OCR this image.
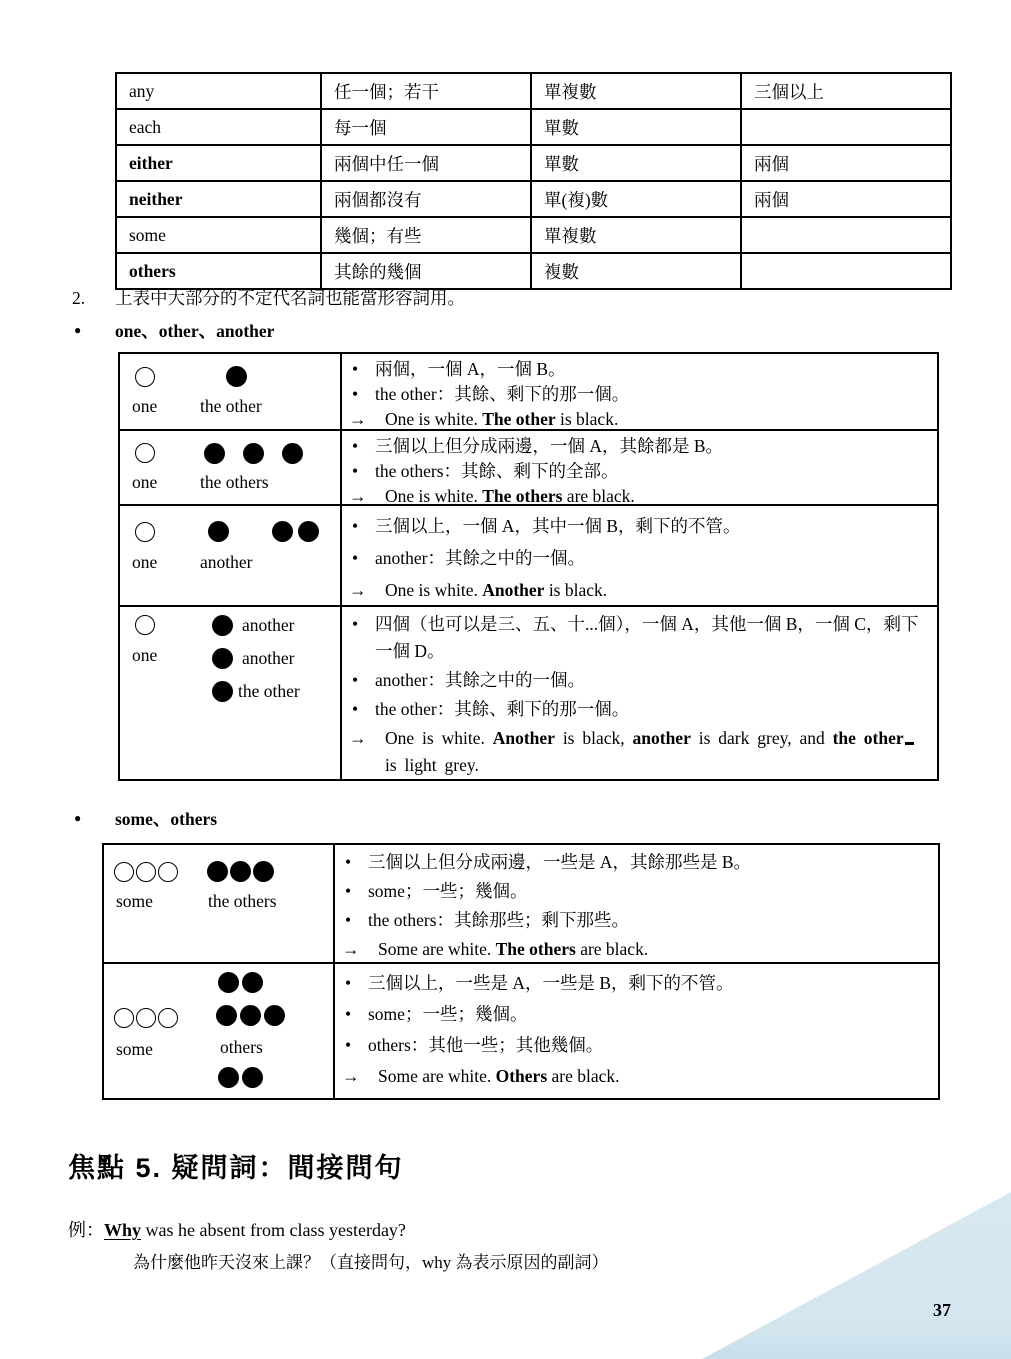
any	任一個；若干	單複數	三個以上
each	每一個	單數	
either	兩個中任一個	單數	兩個
neither	兩個都沒有	單(複)數	兩個
some	幾個；有些	單複數	
others	其餘的幾個	複數	
2.	上表中大部分的不定代名詞也能當形容詞用。
●	one、other、another
one the other
• 兩個，一個 A，一個 B。
• the other：其餘、剩下的那一個。
→	One is white. The other is black.
one the others
• 三個以上但分成兩邊，一個 A，其餘都是 B。
• the others：其餘、剩下的全部。
→	One is white. The others are black.
one another
• 三個以上，一個 A，其中一個 B，剩下的不管。
• another：其餘之中的一個。
→	One is white. Another is black.
one
another
another
the other
• 四個（也可以是三、五、十...個），一個 A，其他一個 B，一個 C，剩下一個 D。
• another：其餘之中的一個。
• the other：其餘、剩下的那一個。
→	One is white. Another is black, another is dark grey, and the other is light grey.
●	some、others
some	the others
• 三個以上但分成兩邊，一些是 A，其餘那些是 B。
• some；一些；幾個。
• the others：其餘那些；剩下那些。
→	Some are white. The others are black.
some	others
• 三個以上，一些是 A，一些是 B，剩下的不管。
• some；一些；幾個。
• others：其他一些；其他幾個。
→	Some are white. Others are black.
焦點 5. 疑問詞：間接問句
例：Why was he absent from class yesterday?
為什麼他昨天沒來上課？（直接問句，why 為表示原因的副詞）
37
